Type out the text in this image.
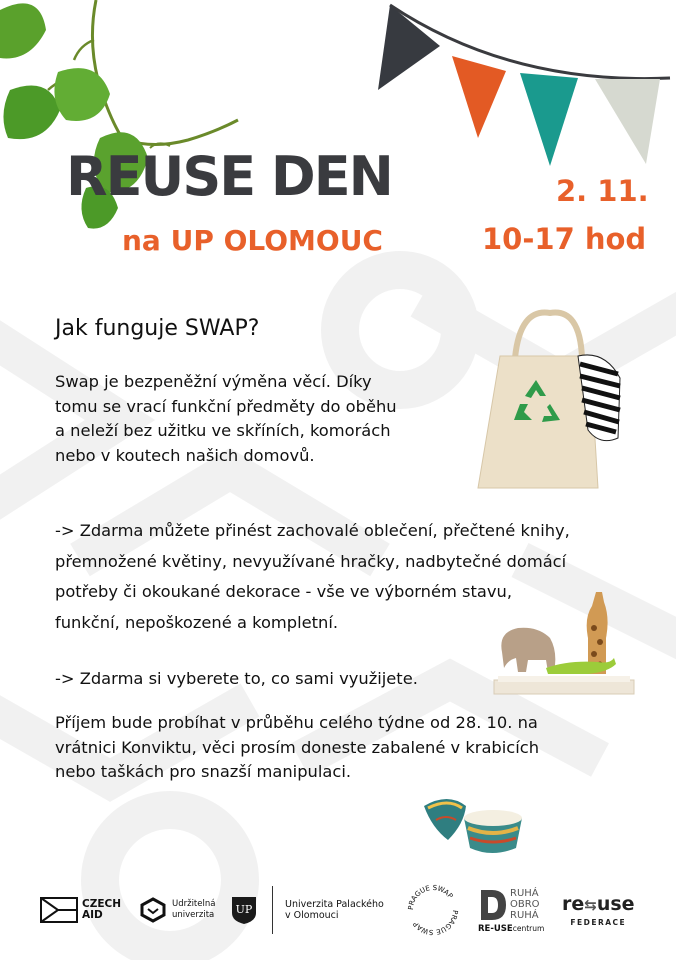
REUSE DEN
na UP OLOMOUC
2. 11.
10-17 hod
Jak funguje SWAP?
Swap je bezpeněžní výměna věcí. Díky
tomu se vrací funkční předměty do oběhu
a neleží bez užitku ve skříních, komorách
nebo v koutech našich domovů.
-> Zdarma můžete přinést zachovalé oblečení, přečtené knihy,
přemnožené květiny, nevyužívané hračky, nadbytečné domácí
potřeby či okoukané dekorace - vše ve výborném stavu,
funkční, nepoškozené a kompletní.
-> Zdarma si vyberete to, co sami využijete.
Příjem bude probíhat v průběhu celého týdne od 28. 10. na
vrátnici Konviktu, věci prosím doneste zabalené v krabicích
nebo taškách pro snazší manipulaci.
CZECH
AID
Udržitelná
univerzita UP	Univerzita Palackého
v Olomouci
PRAGUE SWAP
PRAGUE SWAP
RUHÁ
OBRO
RUHÁ
RE-USEcentrum
re⇆use
FEDERACE
